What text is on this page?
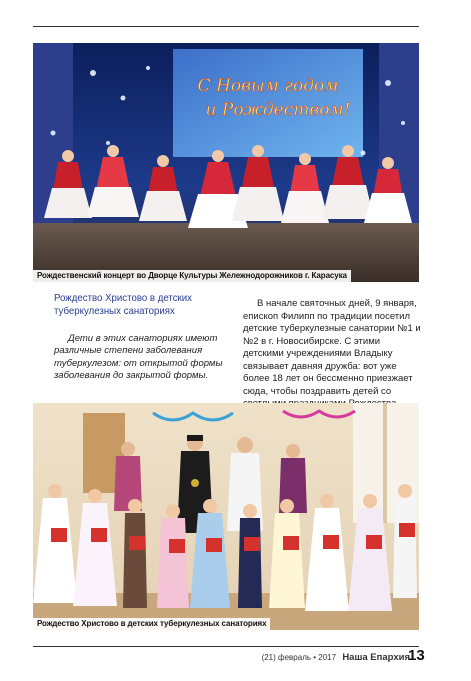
С Новым годом
и Рождеством!
Рождественский концерт во Дворце Культуры Жележнодорожников г. Карасука
Рождество Христово в детских туберкулезных санаториях
Дети в этих санаториях имеют различные степени заболевания туберкулезом: от открытой формы заболевания до закрытой формы.
В начале святочных дней, 9 января, епископ Филипп по традиции посетил детские туберкулезные санатории №1 и №2 в г. Новосибирске. С этими детскими учреждениями Владыку связывает давняя дружба: вот уже более 18 лет он бессменно приезжает сюда, чтобы поздравить детей со
Рождество Христово в детских туберкулезных санаториях
(21) февраль • 2017 Наша Епархия
13
